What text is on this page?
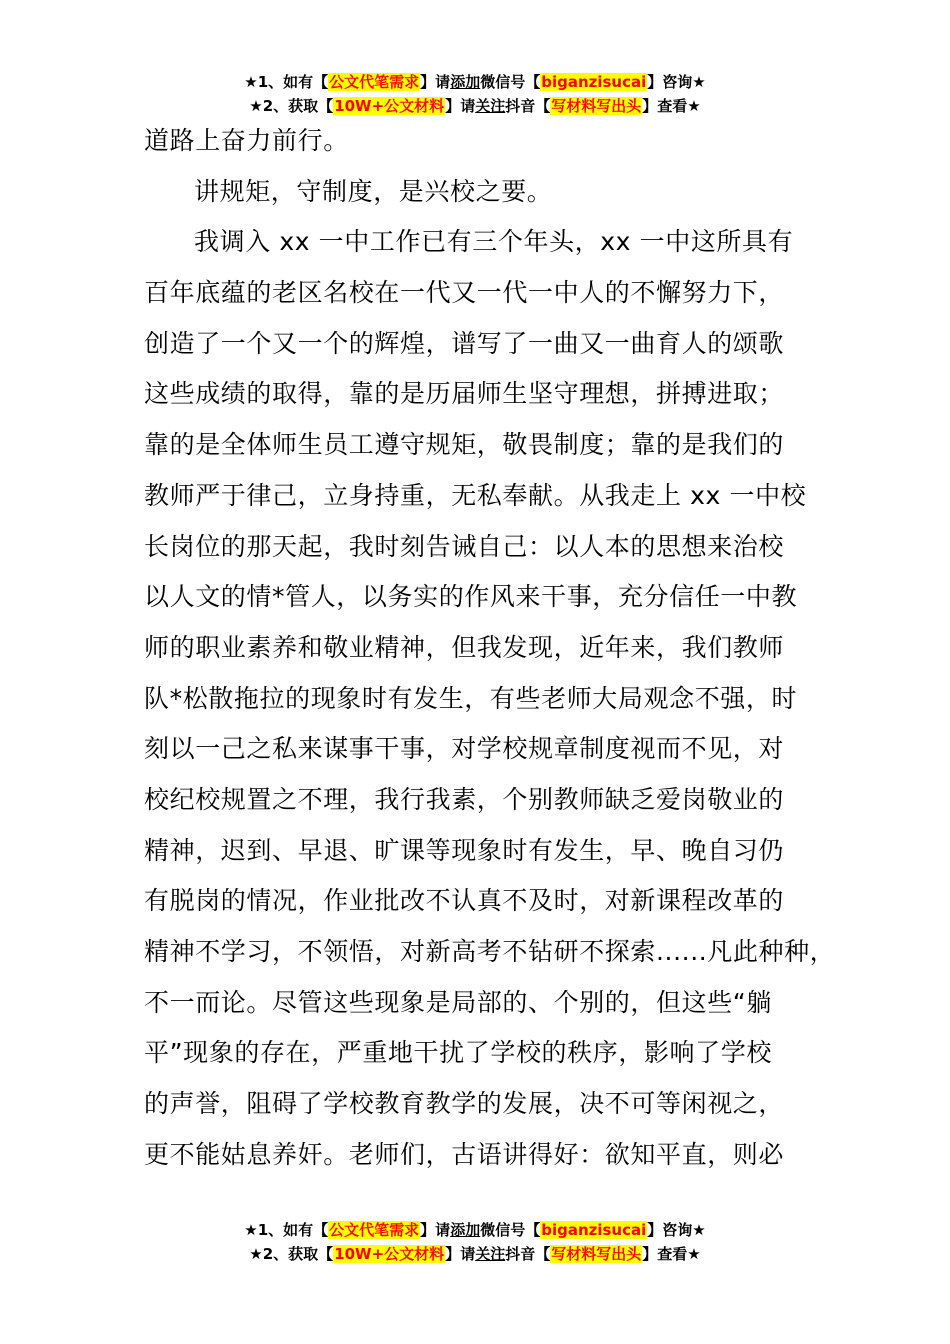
★1、如有【公文代笔需求】请添加微信号【biganzisucai】咨询★
★2、获取【10W+公文材料】请关注抖音【写材料写出头】查看★
道路上奋力前行。
讲规矩，守制度，是兴校之要。
我调入 xx 一中工作已有三个年头，xx 一中这所具有
百年底蕴的老区名校在一代又一代一中人的不懈努力下，
创造了一个又一个的辉煌，谱写了一曲又一曲育人的颂歌
这些成绩的取得，靠的是历届师生坚守理想，拼搏进取；
靠的是全体师生员工遵守规矩，敬畏制度；靠的是我们的
教师严于律己，立身持重，无私奉献。从我走上 xx 一中校
长岗位的那天起，我时刻告诫自己：以人本的思想来治校
以人文的情*管人，以务实的作风来干事，充分信任一中教
师的职业素养和敬业精神，但我发现，近年来，我们教师
队*松散拖拉的现象时有发生，有些老师大局观念不强，时
刻以一己之私来谋事干事，对学校规章制度视而不见，对
校纪校规置之不理，我行我素，个别教师缺乏爱岗敬业的
精神，迟到、早退、旷课等现象时有发生，早、晚自习仍
有脱岗的情况，作业批改不认真不及时，对新课程改革的
精神不学习，不领悟，对新高考不钻研不探索......凡此种种，
不一而论。尽管这些现象是局部的、个别的，但这些“躺
平”现象的存在，严重地干扰了学校的秩序，影响了学校
的声誉，阻碍了学校教育教学的发展，决不可等闲视之，
更不能姑息养奸。老师们，古语讲得好：欲知平直，则必
★1、如有【公文代笔需求】请添加微信号【biganzisucai】咨询★
★2、获取【10W+公文材料】请关注抖音【写材料写出头】查看★
